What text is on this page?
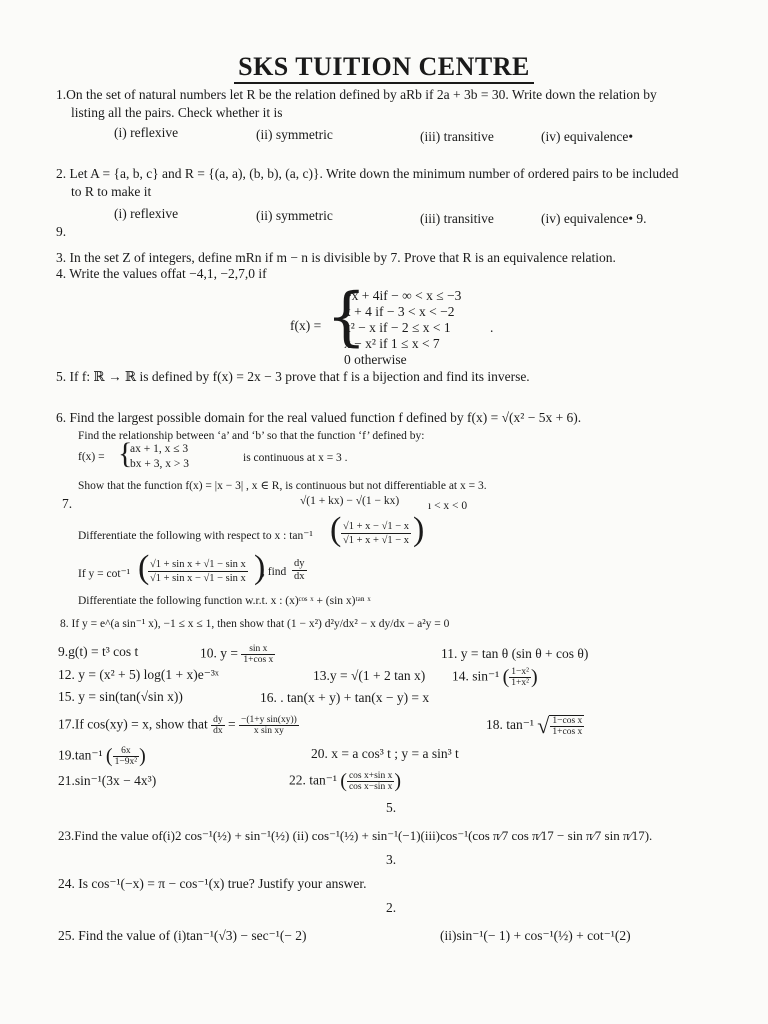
SKS TUITION CENTRE
1.On the set of natural numbers let R be the relation defined by aRb if 2a + 3b = 30. Write down the relation by
listing all the pairs. Check whether it is
(i) reflexive	(ii) symmetric	(iii) transitive	(iv) equivalence•
2. Let A = {a, b, c} and R = {(a, a), (b, b), (a, c)}. Write down the minimum number of ordered pairs to be included
to R to make it
(i) reflexive	(ii) symmetric	(iii) transitive	(iv) equivalence• 9.
9.
3. In the set Z of integers, define mRn if m − n is divisible by 7. Prove that R is an equivalence relation.
4. Write the values offat −4,1, −2,7,0 if
f(x) = {
−x + 4if − ∞ < x ≤ −3
x + 4 if − 3 < x < −2
x² − x if − 2 ≤ x < 1	.
x − x² if 1 ≤ x < 7
0 otherwise
5. If f: ℝ → ℝ is defined by f(x) = 2x − 3 prove that f is a bijection and find its inverse.
6. Find the largest possible domain for the real valued function f defined by f(x) = √(x² − 5x + 6).
Find the relationship between ‘a’ and ‘b’ so that the function ‘f’ defined by:
f(x) = {
ax + 1, x ≤ 3
bx + 3, x > 3	is continuous at x = 3 .
Show that the function f(x) = |x − 3| , x ∈ R, is continuous but not differentiable at x = 3.
7.	√(1 + kx) − √(1 − kx)	ı < x < 0
Differentiate the following with respect to x : tan⁻¹ ( $\frac{√1 + x - √1 - x}{√1 + x + √1 - x}$ )
If y = cot⁻¹ (
$\frac{\text{√1 + sin x + √1 − sin x}}{\text{√1 + sin x − √1 − sin x}}$ )
, find $\frac{dy}{dx}$
Differentiate the following function w.r.t. x : (x)ᶜᵒˢ ˣ + (sin x)ᵗᵃⁿ ˣ
8. If y = e^(a sin⁻¹ x), −1 ≤ x ≤ 1, then show that (1 − x²) d²y/dx² − x dy/dx − a²y = 0
9.g(t) = t³ cos t	10. $y = \frac{\text{sin x}}{\text{1+cos x}}$	11. y = tan θ (sin θ + cos θ)
12. y = (x² + 5) log(1 + x)e⁻³ˣ	13.y = √(1 + 2 tan x) 14. sin⁻¹ ( $\frac{\text{1−x²}}{\text{1+x²}}$ )
15. y = sin(tan(√sin x))	16. . tan(x + y) + tan(x − y) = x
17.If cos(xy) = x, show that $\frac{dy}{dx} = \frac{\text{−(1+y sin(xy))}}{\text{x sin xy}}$	18. tan⁻¹ √ $\frac{\text{1−cos x}}{\text{1+cos x}}$
19.tan⁻¹ ( $\frac{6x}{\text{1−9x²}}$ )	20. x = a cos³ t ; y = a sin³ t
21.sin⁻¹(3x − 4x³)	22. tan⁻¹ ( $\frac{\text{cos x+sin x}}{\text{cos x−sin x}}$ )
5.
23.Find the value of(i)2 cos⁻¹(½) + sin⁻¹(½) (ii) cos⁻¹(½) + sin⁻¹(−1)(iii)cos⁻¹(cos π⁄7 cos π⁄17 − sin π⁄7 sin π⁄17).
3.
24. Is cos⁻¹(−x) = π − cos⁻¹(x) true? Justify your answer.
2.
25. Find the value of (i)tan⁻¹(√3) − sec⁻¹(− 2)	(ii)sin⁻¹(− 1) + cos⁻¹(½) + cot⁻¹(2)
